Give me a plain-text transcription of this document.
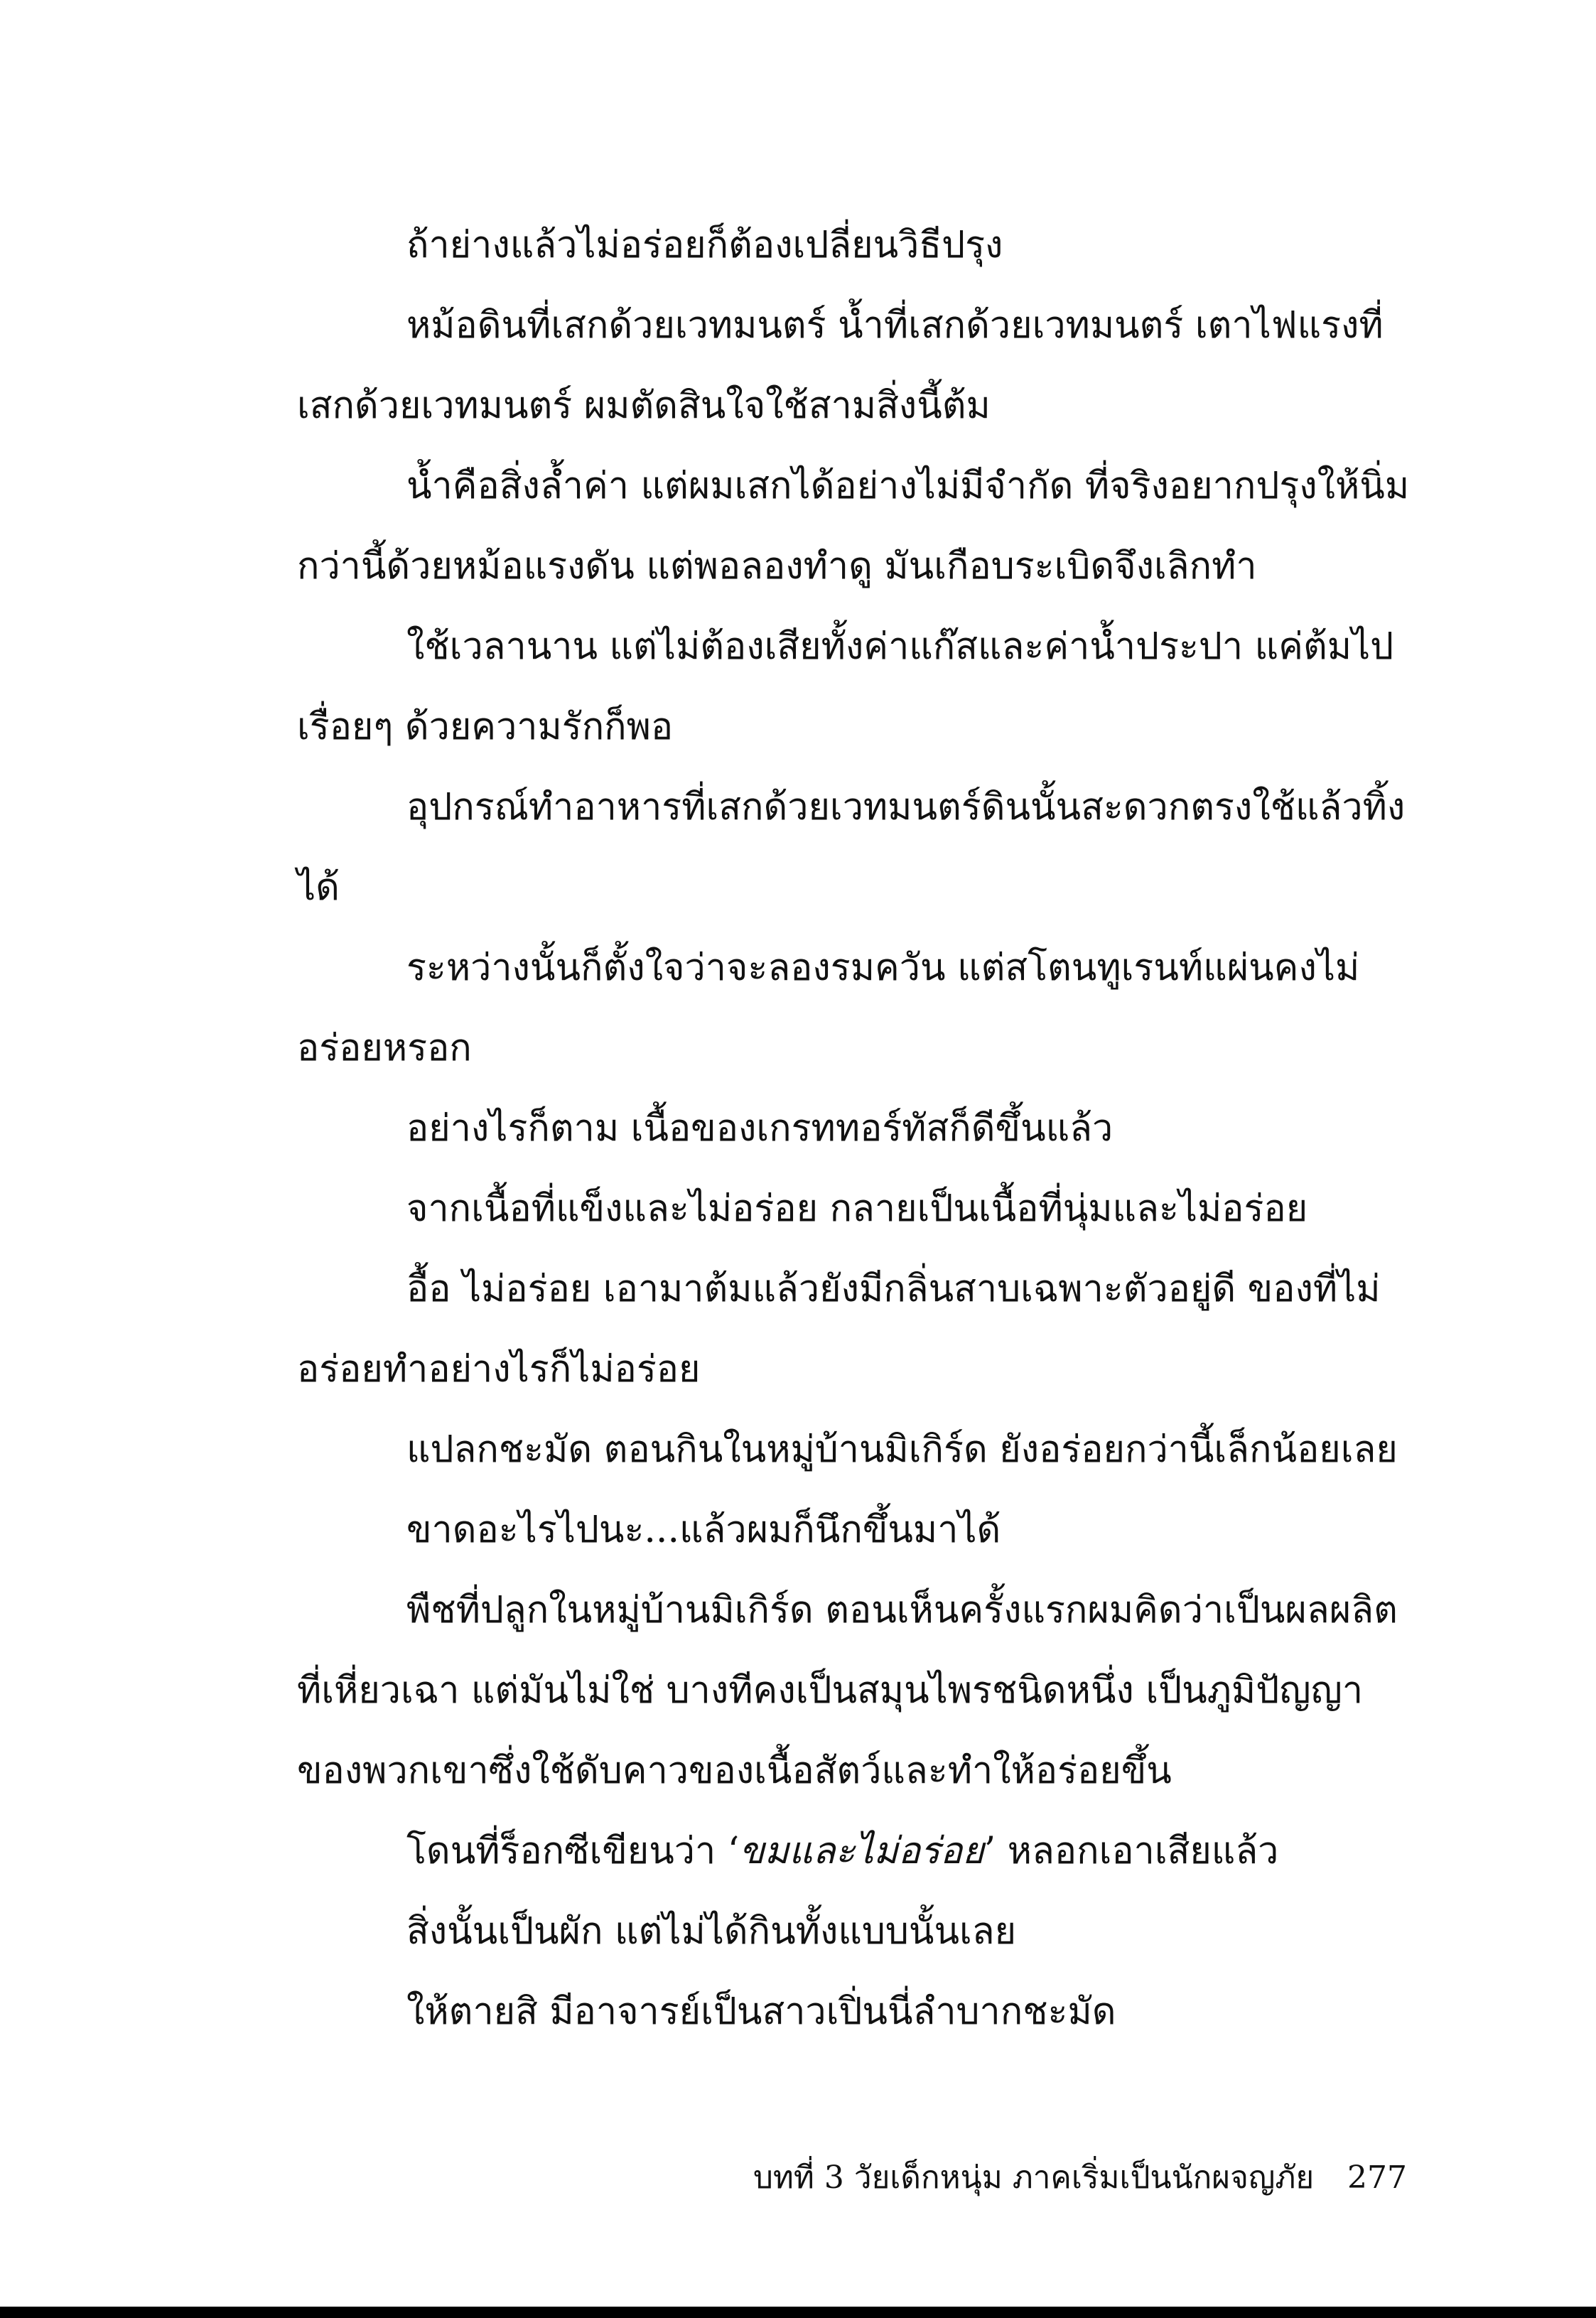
ถ้าย่างแล้วไม่อร่อยก็ต้องเปลี่ยนวิธีปรุง
หม้อดินที่เสกด้วยเวทมนตร์ น้ำที่เสกด้วยเวทมนตร์ เตาไฟแรงที่
เสกด้วยเวทมนตร์ ผมตัดสินใจใช้สามสิ่งนี้ต้ม
น้ำคือสิ่งล้ำค่า แต่ผมเสกได้อย่างไม่มีจำกัด ที่จริงอยากปรุงให้นิ่ม
กว่านี้ด้วยหม้อแรงดัน แต่พอลองทำดู มันเกือบระเบิดจึงเลิกทำ
ใช้เวลานาน แต่ไม่ต้องเสียทั้งค่าแก๊สและค่าน้ำประปา แค่ต้มไป
เรื่อยๆ ด้วยความรักก็พอ
อุปกรณ์ทำอาหารที่เสกด้วยเวทมนตร์ดินนั้นสะดวกตรงใช้แล้วทิ้ง
ได้
ระหว่างนั้นก็ตั้งใจว่าจะลองรมควัน แต่สโตนทูเรนท์แผ่นคงไม่
อร่อยหรอก
อย่างไรก็ตาม เนื้อของเกรททอร์ทัสก็ดีขึ้นแล้ว
จากเนื้อที่แข็งและไม่อร่อย กลายเป็นเนื้อที่นุ่มและไม่อร่อย
อื้อ ไม่อร่อย เอามาต้มแล้วยังมีกลิ่นสาบเฉพาะตัวอยู่ดี ของที่ไม่
อร่อยทำอย่างไรก็ไม่อร่อย
แปลกชะมัด ตอนกินในหมู่บ้านมิเกิร์ด ยังอร่อยกว่านี้เล็กน้อยเลย
ขาดอะไรไปนะ...แล้วผมก็นึกขึ้นมาได้
พืชที่ปลูกในหมู่บ้านมิเกิร์ด ตอนเห็นครั้งแรกผมคิดว่าเป็นผลผลิต
ที่เหี่ยวเฉา แต่มันไม่ใช่ บางทีคงเป็นสมุนไพรชนิดหนึ่ง เป็นภูมิปัญญา
ของพวกเขาซึ่งใช้ดับคาวของเนื้อสัตว์และทำให้อร่อยขึ้น
โดนที่ร็อกซีเขียนว่า ‘ขมและไม่อร่อย’ หลอกเอาเสียแล้ว
สิ่งนั้นเป็นผัก แต่ไม่ได้กินทั้งแบบนั้นเลย
ให้ตายสิ มีอาจารย์เป็นสาวเปิ่นนี่ลำบากชะมัด
บทที่ 3 วัยเด็กหนุ่ม ภาคเริ่มเป็นนักผจญภัย 277
